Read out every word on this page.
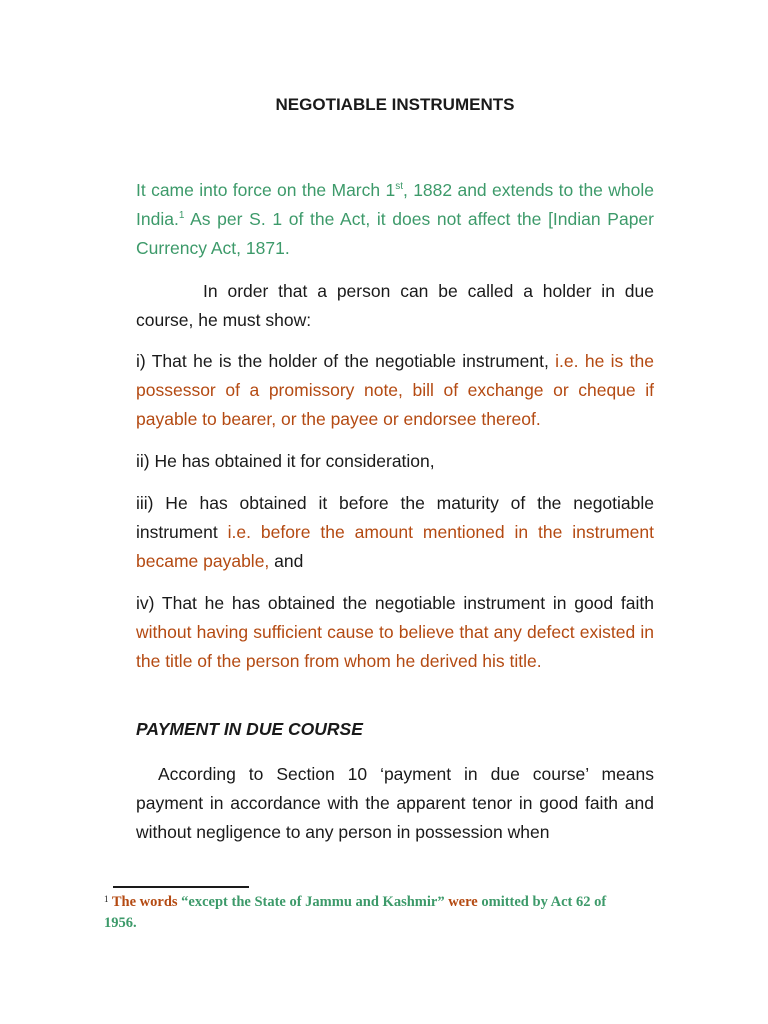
NEGOTIABLE INSTRUMENTS
It came into force on the March 1st, 1882 and extends to the whole India.$^1$ As per S. 1 of the Act, it does not affect the [Indian Paper Currency Act, 1871.
In order that a person can be called a holder in due course, he must show:
i) That he is the holder of the negotiable instrument, i.e. he is the possessor of a promissory note, bill of exchange or cheque if payable to bearer, or the payee or endorsee thereof.
ii) He has obtained it for consideration,
iii) He has obtained it before the maturity of the negotiable instrument i.e. before the amount mentioned in the instrument became payable, and
iv) That he has obtained the negotiable instrument in good faith without having sufficient cause to believe that any defect existed in the title of the person from whom he derived his title.
PAYMENT IN DUE COURSE
According to Section 10 ‘payment in due course’ means payment in accordance with the apparent tenor in good faith and without negligence to any person in possession when
$^1$ The words “except the State of Jammu and Kashmir” were omitted by Act 62 of 1956.
